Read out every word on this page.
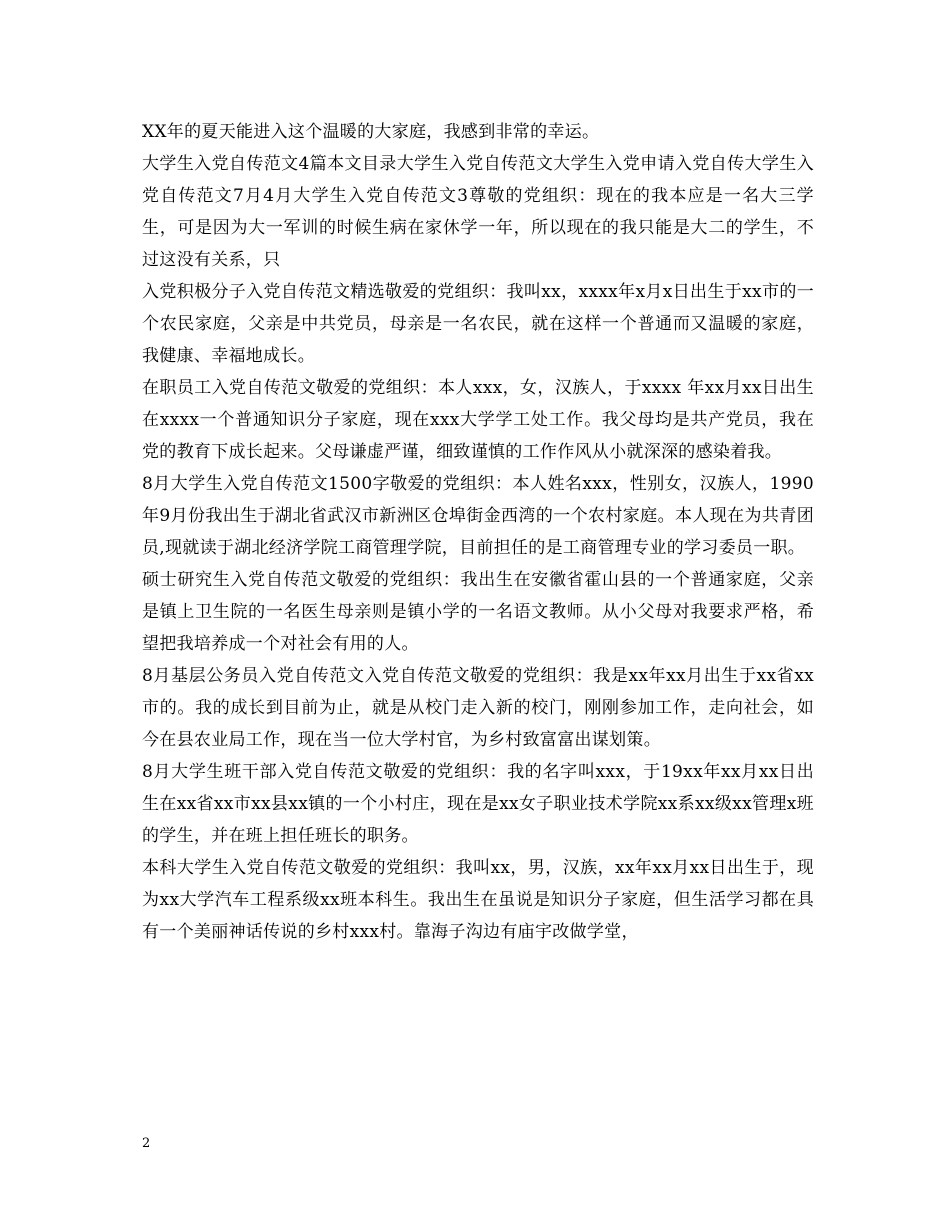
XX年的夏天能进入这个温暖的大家庭，我感到非常的幸运。

大学生入党自传范文4篇本文目录大学生入党自传范文大学生入党申请入党自传大学生入党自传范文7月4月大学生入党自传范文3尊敬的党组织：现在的我本应是一名大三学生，可是因为大一军训的时候生病在家休学一年，所以现在的我只能是大二的学生，不过这没有关系，只

入党积极分子入党自传范文精选敬爱的党组织：我叫xx，xxxx年x月x日出生于xx市的一个农民家庭，父亲是中共党员，母亲是一名农民，就在这样一个普通而又温暖的家庭，我健康、幸福地成长。

在职员工入党自传范文敬爱的党组织：本人xxx，女，汉族人，于xxxx 年xx月xx日出生在xxxx一个普通知识分子家庭，现在xxx大学学工处工作。我父母均是共产党员，我在党的教育下成长起来。父母谦虚严谨，细致谨慎的工作作风从小就深深的感染着我。

8月大学生入党自传范文1500字敬爱的党组织：本人姓名xxx，性别女，汉族人，1990年9月份我出生于湖北省武汉市新洲区仓埠街金西湾的一个农村家庭。本人现在为共青团员,现就读于湖北经济学院工商管理学院，目前担任的是工商管理专业的学习委员一职。

硕士研究生入党自传范文敬爱的党组织：我出生在安徽省霍山县的一个普通家庭，父亲是镇上卫生院的一名医生母亲则是镇小学的一名语文教师。从小父母对我要求严格，希望把我培养成一个对社会有用的人。

8月基层公务员入党自传范文入党自传范文敬爱的党组织：我是xx年xx月出生于xx省xx市的。我的成长到目前为止，就是从校门走入新的校门，刚刚参加工作，走向社会，如今在县农业局工作，现在当一位大学村官，为乡村致富富出谋划策。

8月大学生班干部入党自传范文敬爱的党组织：我的名字叫xxx，于19xx年xx月xx日出生在xx省xx市xx县xx镇的一个小村庄，现在是xx女子职业技术学院xx系xx级xx管理x班的学生，并在班上担任班长的职务。

本科大学生入党自传范文敬爱的党组织：我叫xx，男，汉族，xx年xx月xx日出生于，现为xx大学汽车工程系级xx班本科生。我出生在虽说是知识分子家庭，但生活学习都在具有一个美丽神话传说的乡村xxx村。靠海子沟边有庙宇改做学堂，

2
